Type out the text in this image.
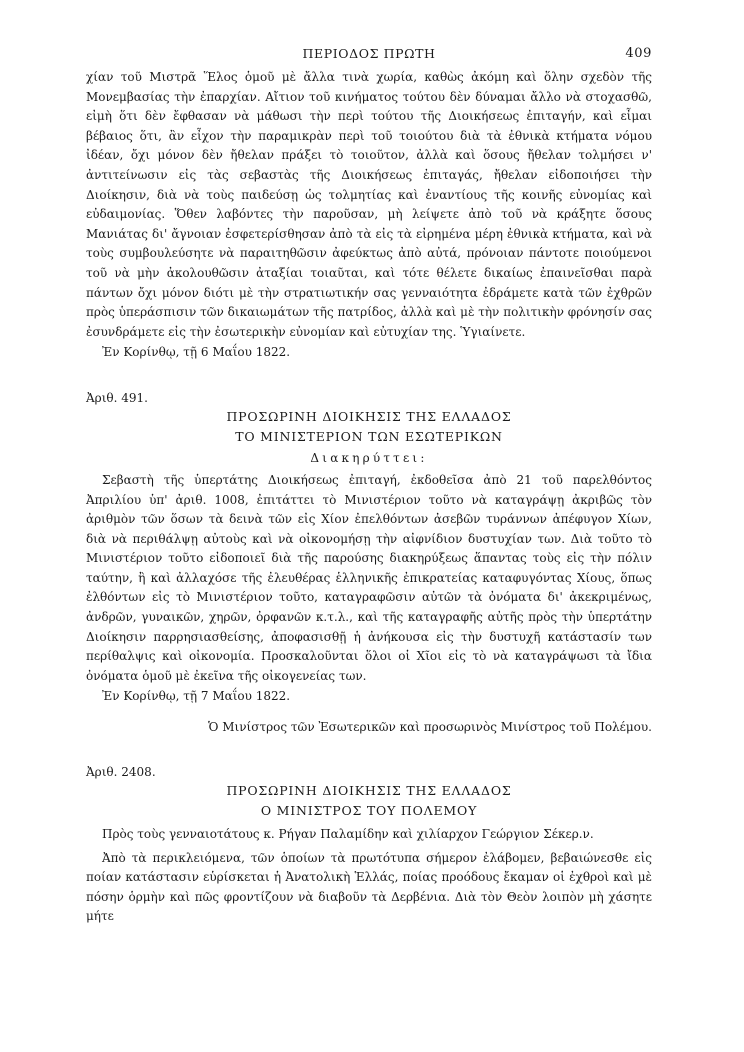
ΠΕΡΙΟΔΟΣ ΠΡΩΤΗ	409

χίαν τοῦ Μιστρᾶ Ἕλος ὁμοῦ μὲ ἄλλα τινὰ χωρία, καθὼς ἀκόμη καὶ ὅλην σχεδὸν τῆς Μονεμβασίας τὴν ἐπαρχίαν. Αἴτιον τοῦ κινήματος τούτου δὲν δύναμαι ἄλλο νὰ στοχασθῶ, εἰμὴ ὅτι δὲν ἔφθασαν νὰ μάθωσι τὴν περὶ τούτου τῆς Διοικήσεως ἐπιταγήν, καὶ εἶμαι βέβαιος ὅτι, ἂν εἶχον τὴν παραμικρὰν περὶ τοῦ τοιούτου διὰ τὰ ἐθνικὰ κτήματα νόμου ἰδέαν, ὄχι μόνον δὲν ἤθελαν πράξει τὸ τοιοῦτον, ἀλλὰ καὶ ὅσους ἤθελαν τολμήσει ν' ἀντιτείνωσιν εἰς τὰς σεβαστὰς τῆς Διοικήσεως ἐπιταγάς, ἤθελαν εἰδοποιήσει τὴν Διοίκησιν, διὰ νὰ τοὺς παιδεύσῃ ὡς τολμητίας καὶ ἐναντίους τῆς κοινῆς εὐνομίας καὶ εὐδαιμονίας. Ὅθεν λαβόντες τὴν παροῦσαν, μὴ λείψετε ἀπὸ τοῦ νὰ κράξητε ὅσους Μανιάτας δι' ἄγνοιαν ἐσφετερίσθησαν ἀπὸ τὰ εἰς τὰ εἰρημένα μέρη ἐθνικὰ κτήματα, καὶ νὰ τοὺς συμβουλεύσητε νὰ παραιτηθῶσιν ἀφεύκτως ἀπὸ αὐτά, πρόνοιαν πάντοτε ποιούμενοι τοῦ νὰ μὴν ἀκολουθῶσιν ἀταξίαι τοιαῦται, καὶ τότε θέλετε δικαίως ἐπαινεῖσθαι παρὰ πάντων ὄχι μόνον διότι μὲ τὴν στρατιωτικήν σας γενναιότητα ἐδράμετε κατὰ τῶν ἐχθρῶν πρὸς ὑπεράσπισιν τῶν δικαιωμάτων τῆς πατρίδος, ἀλλὰ καὶ μὲ τὴν πολιτικὴν φρόνησίν σας ἐσυνδράμετε εἰς τὴν ἐσωτερικὴν εὐνομίαν καὶ εὐτυχίαν της. Ὑγιαίνετε.

Ἐν Κορίνθῳ, τῇ 6 Μαΐου 1822.

Ἀριθ. 491.
ΠΡΟΣΩΡΙΝΗ ΔΙΟΙΚΗΣΙΣ ΤΗΣ ΕΛΛΑΔΟΣ
ΤΟ ΜΙΝΙΣΤΕΡΙΟΝ ΤΩΝ ΕΣΩΤΕΡΙΚΩΝ
Διακηρύττει:

Σεβαστὴ τῆς ὑπερτάτης Διοικήσεως ἐπιταγή, ἐκδοθεῖσα ἀπὸ 21 τοῦ παρελθόντος Ἀπριλίου ὑπ' ἀριθ. 1008, ἐπιτάττει τὸ Μινιστέριον τοῦτο νὰ καταγράψῃ ἀκριβῶς τὸν ἀριθμὸν τῶν ὅσων τὰ δεινὰ τῶν εἰς Χίον ἐπελθόντων ἀσεβῶν τυράννων ἀπέφυγον Χίων, διὰ νὰ περιθάλψῃ αὐτοὺς καὶ νὰ οἰκονομήσῃ τὴν αἰφνίδιον δυστυχίαν των. Διὰ τοῦτο τὸ Μινιστέριον τοῦτο εἰδοποιεῖ διὰ τῆς παρούσης διακηρύξεως ἅπαντας τοὺς εἰς τὴν πόλιν ταύτην, ἢ καὶ ἀλλαχόσε τῆς ἐλευθέρας ἑλληνικῆς ἐπικρατείας καταφυγόντας Χίους, ὅπως ἐλθόντων εἰς τὸ Μινιστέριον τοῦτο, καταγραφῶσιν αὐτῶν τὰ ὀνόματα δι' ἀκεκριμένως, ἀνδρῶν, γυναικῶν, χηρῶν, ὀρφανῶν κ.τ.λ., καὶ τῆς καταγραφῆς αὐτῆς πρὸς τὴν ὑπερτάτην Διοίκησιν παρρησιασθείσης, ἀποφασισθῇ ἡ ἀνήκουσα εἰς τὴν δυστυχῆ κατάστασίν των περίθαλψις καὶ οἰκονομία. Προσκαλοῦνται ὅλοι οἱ Χῖοι εἰς τὸ νὰ καταγράψωσι τὰ ἴδια ὀνόματα ὁμοῦ μὲ ἐκεῖνα τῆς οἰκογενείας των.

Ἐν Κορίνθῳ, τῇ 7 Μαΐου 1822.

Ὁ Μινίστρος τῶν Ἐσωτερικῶν καὶ προσωρινὸς Μινίστρος τοῦ Πολέμου.
Ἀριθ. 2408.
ΠΡΟΣΩΡΙΝΗ ΔΙΟΙΚΗΣΙΣ ΤΗΣ ΕΛΛΑΔΟΣ
Ο ΜΙΝΙΣΤΡΟΣ ΤΟΥ ΠΟΛΕΜΟΥ

Πρὸς τοὺς γενναιοτάτους κ. Ρήγαν Παλαμίδην καὶ χιλίαρχον Γεώργιον Σέκερ.ν.

Ἀπὸ τὰ περικλειόμενα, τῶν ὁποίων τὰ πρωτότυπα σήμερον ἐλάβομεν, βεβαιώνεσθε εἰς ποίαν κατάστασιν εὑρίσκεται ἡ Ἀνατολικὴ Ἑλλάς, ποίας προόδους ἔκαμαν οἱ ἐχθροὶ καὶ μὲ πόσην ὁρμὴν καὶ πῶς φροντίζουν νὰ διαβοῦν τὰ Δερβένια. Διὰ τὸν Θεὸν λοιπὸν μὴ χάσητε μήτε
